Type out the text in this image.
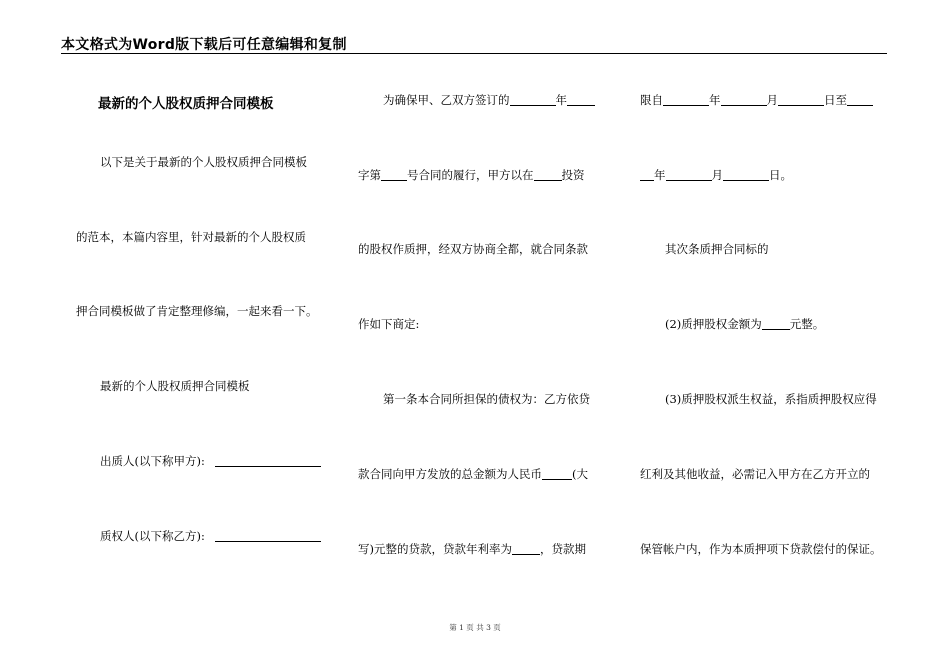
本文格式为Word版下载后可任意编辑和复制
最新的个人股权质押合同模板
以下是关于最新的个人股权质押合同模板
的范本，本篇内容里，针对最新的个人股权质
押合同模板做了肯定整理修编，一起来看一下。
最新的个人股权质押合同模板
出质人(以下称甲方):
质权人(以下称乙方):
为确保甲、乙双方签订的	年
字第 号合同的履行，甲方以在 投资
的股权作质押，经双方协商全都，就合同条款
作如下商定:
第一条本合同所担保的债权为：乙方依贷
款合同向甲方发放的总金额为人民币	(大
写)元整的贷款，贷款年利率为 ，贷款期
限自	年	月	日至
年	月	日。
其次条质押合同标的
(2)质押股权金额为 元整。
(3)质押股权派生权益，系指质押股权应得
红利及其他收益，必需记入甲方在乙方开立的
保管帐户内，作为本质押项下贷款偿付的保证。
第 1 页 共 3 页
